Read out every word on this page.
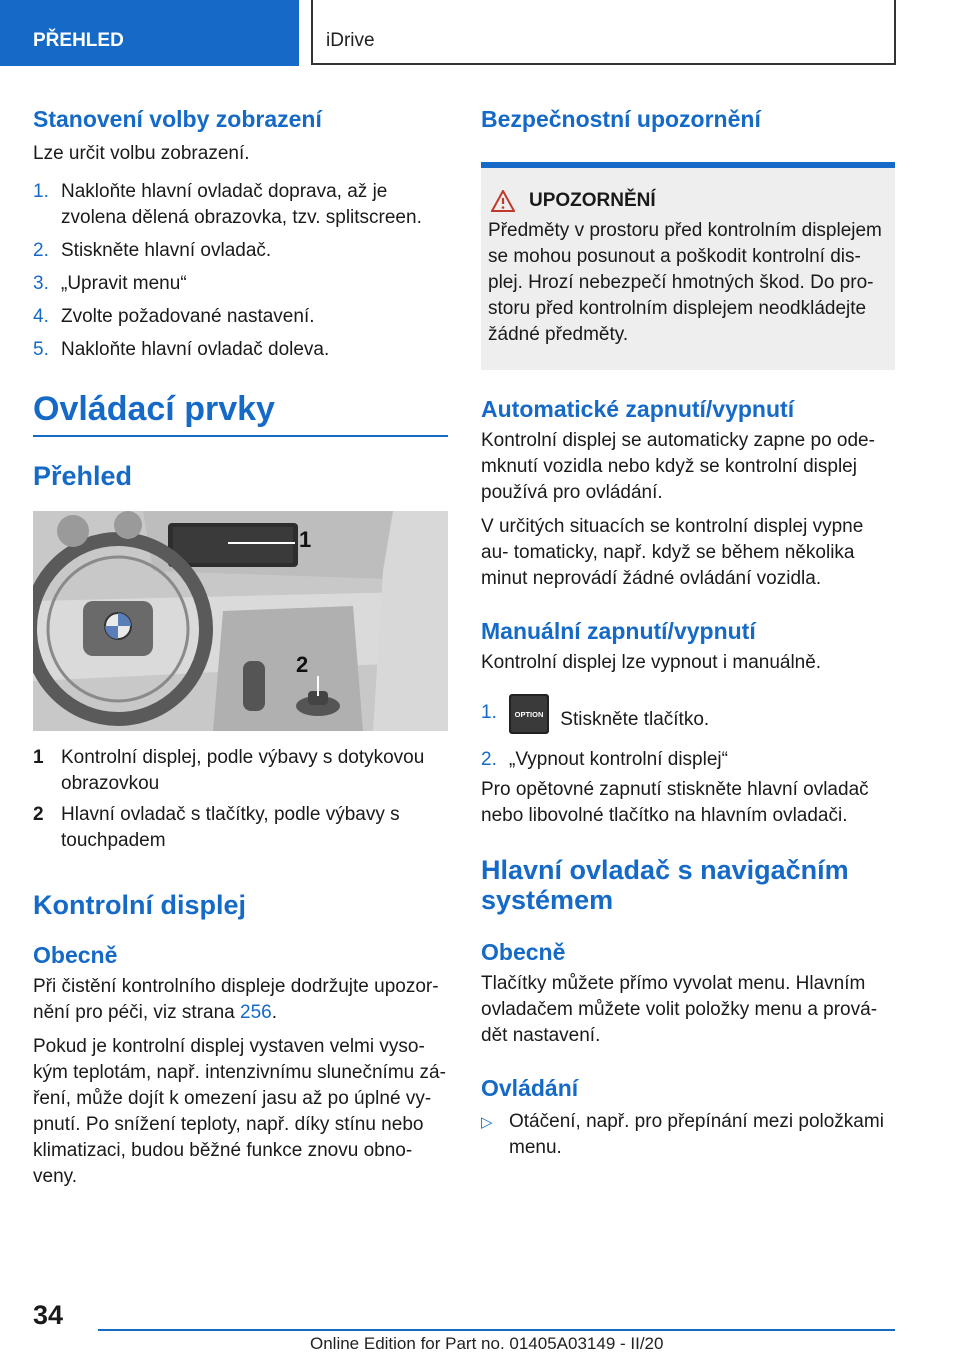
PŘEHLED	iDrive
Stanovení volby zobrazení

Lze určit volbu zobrazení.

1. Nakloňte hlavní ovladač doprava, až je zvolena dělená obrazovka, tzv. splitscreen.
2. Stiskněte hlavní ovladač.
3. „Upravit menu“
4. Zvolte požadované nastavení.
5. Nakloňte hlavní ovladač doleva.
Ovládací prvky
Přehled
1
2
1 Kontrolní displej, podle výbavy s dotykovou obrazovkou
2 Hlavní ovladač s tlačítky, podle výbavy s touchpadem
Kontrolní displej
Obecně

Při čistění kontrolního displeje dodržujte upozor‐ nění pro péči, viz strana 256.

Pokud je kontrolní displej vystaven velmi vyso‐ kým teplotám, např. intenzivnímu slunečnímu zá‐ ření, může dojít k omezení jasu až po úplné vy‐ pnutí. Po snížení teploty, např. díky stínu nebo klimatizaci, budou běžné funkce znovu obno‐ veny.

Bezpečnostní upozornění
UPOZORNĚNÍ

Předměty v prostoru před kontrolním displejem se mohou posunout a poškodit kontrolní dis‐ plej. Hrozí nebezpečí hmotných škod. Do pro‐ storu před kontrolním displejem neodkládejte žádné předměty.

Automatické zapnutí/vypnutí

Kontrolní displej se automaticky zapne po ode‐ mknutí vozidla nebo když se kontrolní displej používá pro ovládání.

V určitých situacích se kontrolní displej vypne au‐ tomaticky, např. když se během několika minut neprovádí žádné ovládání vozidla.

Manuální zapnutí/vypnutí

Kontrolní displej lze vypnout i manuálně.

1. OPTION Stiskněte tlačítko.
2. „Vypnout kontrolní displej“

Pro opětovné zapnutí stiskněte hlavní ovladač nebo libovolné tlačítko na hlavním ovladači.

Hlavní ovladač s navigačním systémem
Obecně

Tlačítky můžete přímo vyvolat menu. Hlavním ovladačem můžete volit položky menu a prová‐ dět nastavení.

Ovládání
▷ Otáčení, např. pro přepínání mezi položkami menu.
34
Online Edition for Part no. 01405A03149 - II/20
